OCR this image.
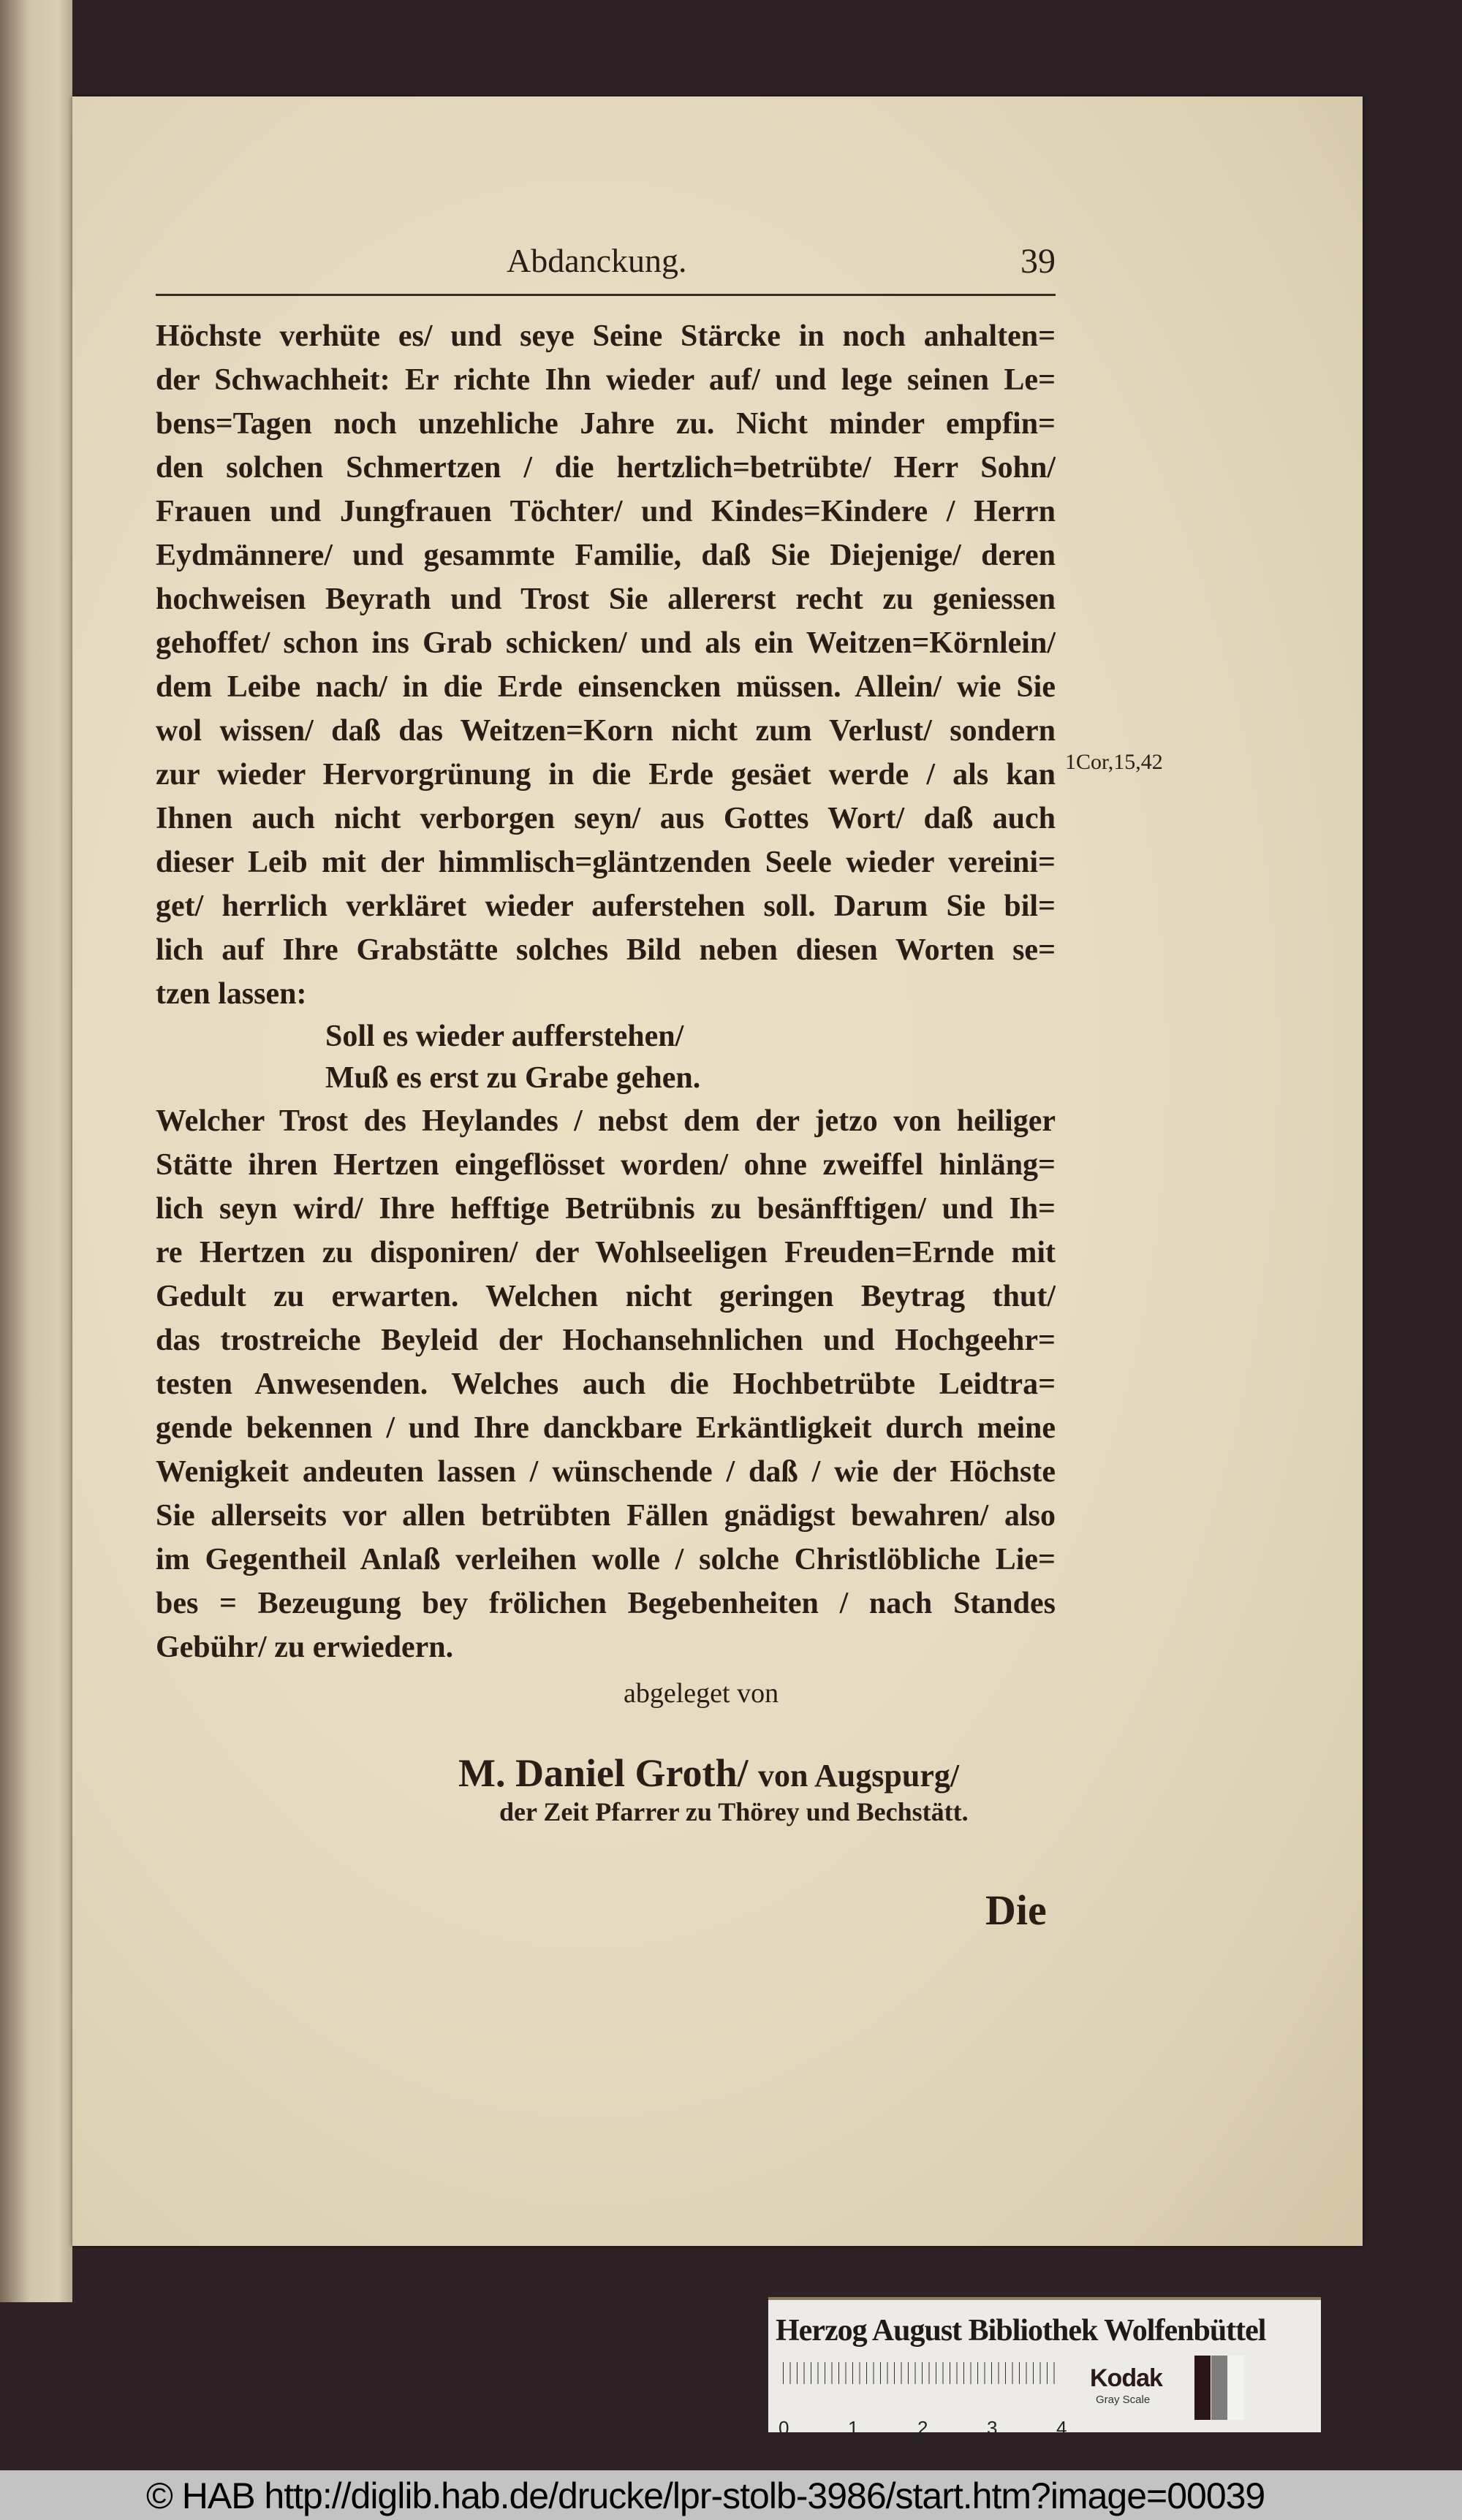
Abdanckung.	39
Höchste verhüte es/ und seye Seine Stärcke in noch anhalten=
der Schwachheit: Er richte Ihn wieder auf/ und lege seinen Le=
bens=Tagen noch unzehliche Jahre zu. Nicht minder empfin=
den solchen Schmertzen / die hertzlich=betrübte/ Herr Sohn/
Frauen und Jungfrauen Töchter/ und Kindes=Kindere / Herrn
Eydmännere/ und gesammte Familie, daß Sie Diejenige/ deren
hochweisen Beyrath und Trost Sie allererst recht zu geniessen
gehoffet/ schon ins Grab schicken/ und als ein Weitzen=Körnlein/
dem Leibe nach/ in die Erde einsencken müssen. Allein/ wie Sie
wol wissen/ daß das Weitzen=Korn nicht zum Verlust/ sondern
zur wieder Hervorgrünung in die Erde gesäet werde / als kan
Ihnen auch nicht verborgen seyn/ aus Gottes Wort/ daß auch
dieser Leib mit der himmlisch=gläntzenden Seele wieder vereini=
get/ herrlich verkläret wieder auferstehen soll. Darum Sie bil=
lich auf Ihre Grabstätte solches Bild neben diesen Worten se=
tzen lassen:
Soll es wieder aufferstehen/
Muß es erst zu Grabe gehen.
Welcher Trost des Heylandes / nebst dem der jetzo von heiliger
Stätte ihren Hertzen eingeflösset worden/ ohne zweiffel hinläng=
lich seyn wird/ Ihre hefftige Betrübnis zu besänfftigen/ und Ih=
re Hertzen zu disponiren/ der Wohlseeligen Freuden=Ernde mit
Gedult zu erwarten. Welchen nicht geringen Beytrag thut/
das trostreiche Beyleid der Hochansehnlichen und Hochgeehr=
testen Anwesenden. Welches auch die Hochbetrübte Leidtra=
gende bekennen / und Ihre danckbare Erkäntligkeit durch meine
Wenigkeit andeuten lassen / wünschende / daß / wie der Höchste
Sie allerseits vor allen betrübten Fällen gnädigst bewahren/ also
im Gegentheil Anlaß verleihen wolle / solche Christlöbliche Lie=
bes = Bezeugung bey frölichen Begebenheiten / nach Standes
Gebühr/ zu erwiedern.
1Cor,15,42
abgeleget von
M. Daniel Groth/ von Augspurg/
der Zeit Pfarrer zu Thörey und Bechstätt.
Die
Herzog August Bibliothek Wolfenbüttel
0	1	2	3	4
Kodak
Gray Scale
© HAB http://diglib.hab.de/drucke/lpr-stolb-3986/start.htm?image=00039
